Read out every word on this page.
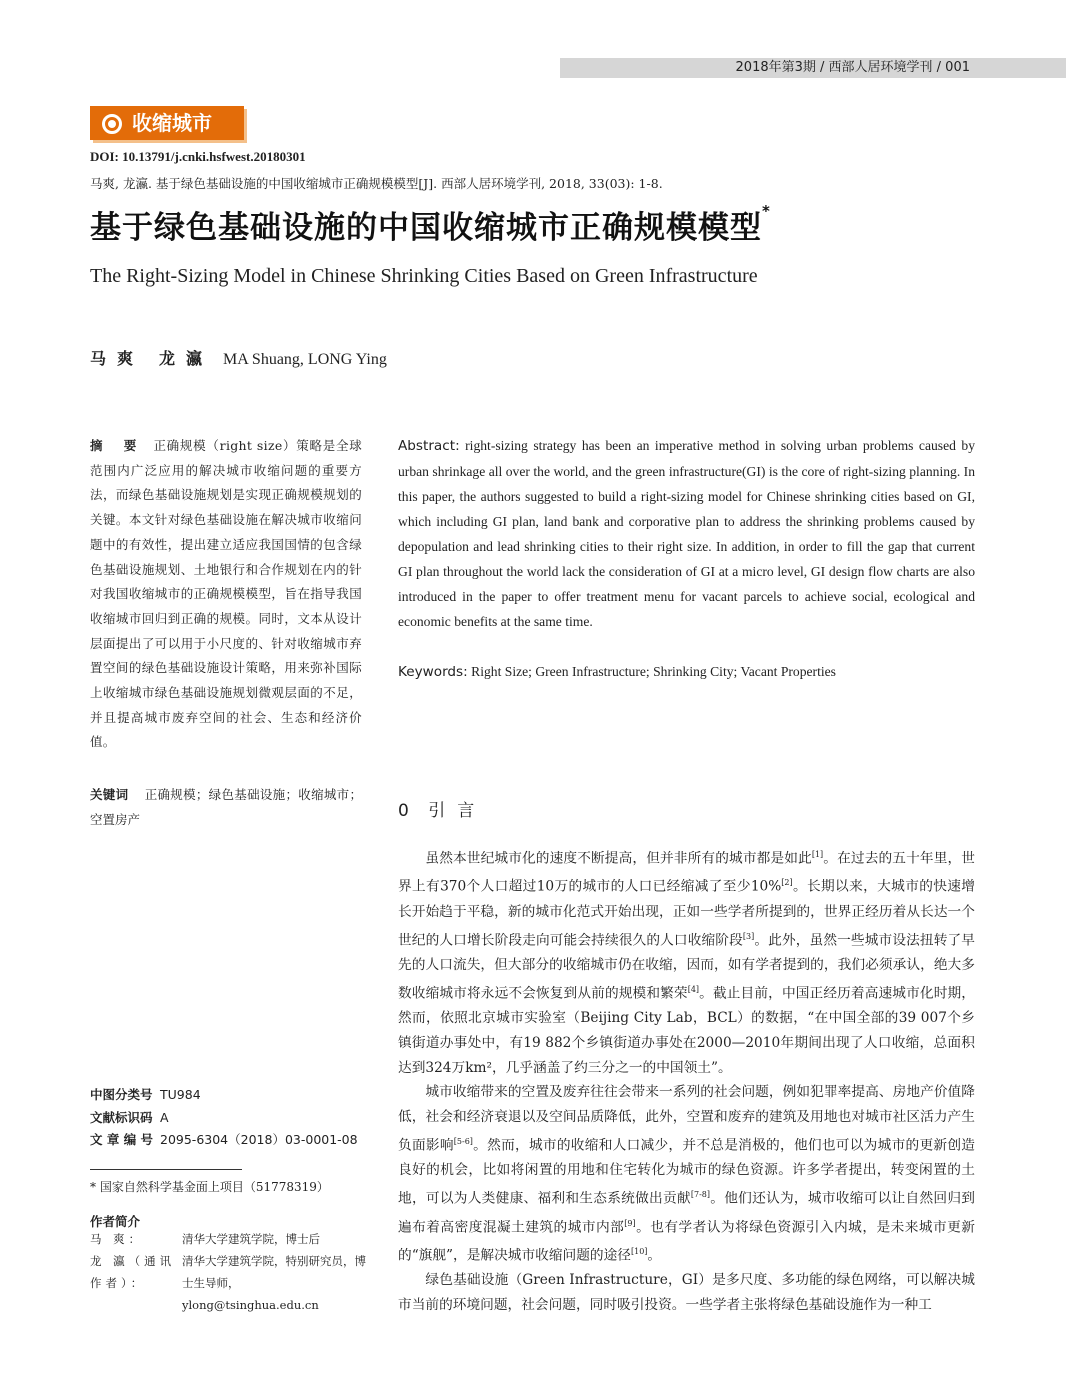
2018年第3期 / 西部人居环境学刊 / 001
收缩城市
DOI: 10.13791/j.cnki.hsfwest.20180301
马爽, 龙瀛. 基于绿色基础设施的中国收缩城市正确规模模型[J]. 西部人居环境学刊, 2018, 33(03): 1-8.
基于绿色基础设施的中国收缩城市正确规模模型*
The Right-Sizing Model in Chinese Shrinking Cities Based on Green Infrastructure
马爽 龙瀛 MA Shuang, LONG Ying
摘 要 正确规模（right size）策略是全球范围内广泛应用的解决城市收缩问题的重要方法，而绿色基础设施规划是实现正确规模规划的关键。本文针对绿色基础设施在解决城市收缩问题中的有效性，提出建立适应我国国情的包含绿色基础设施规划、土地银行和合作规划在内的针对我国收缩城市的正确规模模型，旨在指导我国收缩城市回归到正确的规模。同时，文本从设计层面提出了可以用于小尺度的、针对收缩城市弃置空间的绿色基础设施设计策略，用来弥补国际上收缩城市绿色基础设施规划微观层面的不足，并且提高城市废弃空间的社会、生态和经济价值。
关键词 正确规模；绿色基础设施；收缩城市；空置房产
Abstract: right-sizing strategy has been an imperative method in solving urban problems caused by urban shrinkage all over the world, and the green infrastructure(GI) is the core of right-sizing planning. In this paper, the authors suggested to build a right-sizing model for Chinese shrinking cities based on GI, which including GI plan, land bank and corporative plan to address the shrinking problems caused by depopulation and lead shrinking cities to their right size. In addition, in order to fill the gap that current GI plan throughout the world lack the consideration of GI at a micro level, GI design flow charts are also introduced in the paper to offer treatment menu for vacant parcels to achieve social, ecological and economic benefits at the same time.
Keywords: Right Size; Green Infrastructure; Shrinking City; Vacant Properties
0 引言

虽然本世纪城市化的速度不断提高，但并非所有的城市都是如此[1]。在过去的五十年里，世界上有370个人口超过10万的城市的人口已经缩减了至少10%[2]。长期以来，大城市的快速增长开始趋于平稳，新的城市化范式开始出现，正如一些学者所提到的，世界正经历着从长达一个世纪的人口增长阶段走向可能会持续很久的人口收缩阶段[3]。此外，虽然一些城市设法扭转了早先的人口流失，但大部分的收缩城市仍在收缩，因而，如有学者提到的，我们必须承认，绝大多数收缩城市将永远不会恢复到从前的规模和繁荣[4]。截止目前，中国正经历着高速城市化时期，然而，依照北京城市实验室（Beijing City Lab，BCL）的数据，“在中国全部的39 007个乡镇街道办事处中，有19 882个乡镇街道办事处在2000—2010年期间出现了人口收缩，总面积达到324万km²，几乎涵盖了约三分之一的中国领土”。

城市收缩带来的空置及废弃往往会带来一系列的社会问题，例如犯罪率提高、房地产价值降低，社会和经济衰退以及空间品质降低，此外，空置和废弃的建筑及用地也对城市社区活力产生负面影响[5-6]。然而，城市的收缩和人口减少，并不总是消极的，他们也可以为城市的更新创造良好的机会，比如将闲置的用地和住宅转化为城市的绿色资源。许多学者提出，转变闲置的土地，可以为人类健康、福利和生态系统做出贡献[7-8]。他们还认为，城市收缩可以让自然回归到遍布着高密度混凝土建筑的城市内部[9]。也有学者认为将绿色资源引入内城，是未来城市更新的“旗舰”，是解决城市收缩问题的途径[10]。

绿色基础设施（Green Infrastructure，GI）是多尺度、多功能的绿色网络，可以解决城市当前的环境问题，社会问题，同时吸引投资。一些学者主张将绿色基础设施作为一种工

中图分类号 TU984
文献标识码 A
文 章 编 号 2095-6304（2018）03-0001-08
* 国家自然科学基金面上项目（51778319）
作者简介
马 爽：	清华大学建筑学院，博士后
龙 瀛（通讯作者）：
清华大学建筑学院，特别研究员，博士生导师，ylong@tsinghua.edu.cn
